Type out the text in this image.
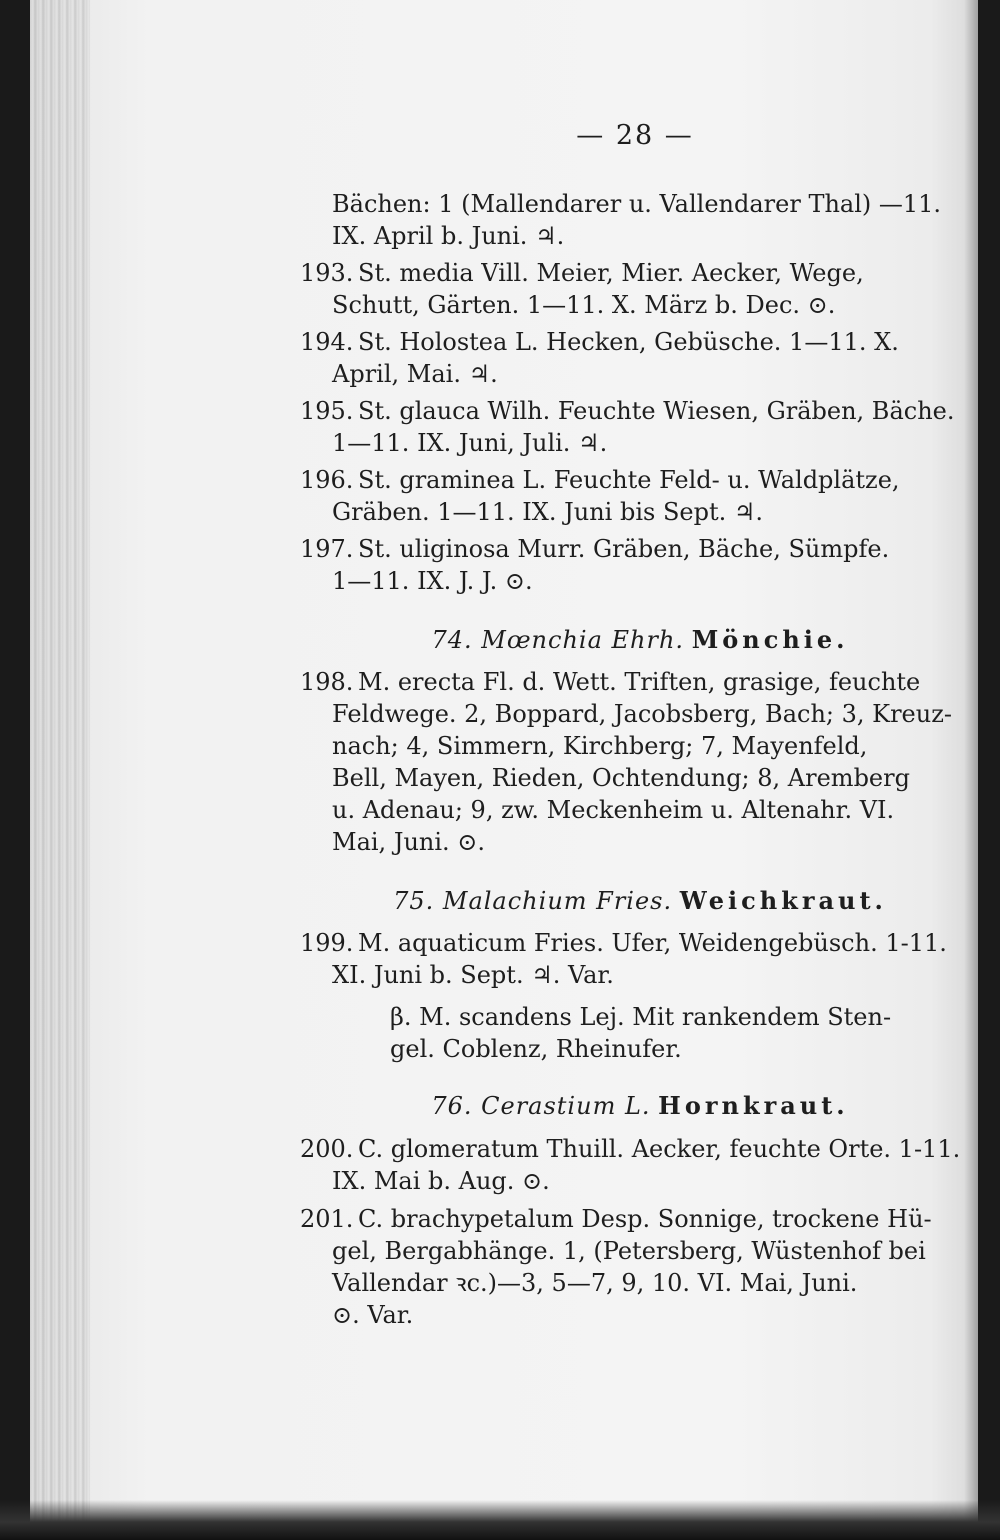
— 28 —
Bächen: 1 (Mallendarer u. Vallendarer Thal) —11.
IX. April b. Juni. ♃.
193. St. media Vill. Meier, Mier. Aecker, Wege,
Schutt, Gärten. 1—11. X. März b. Dec. ⊙.
194. St. Holostea L. Hecken, Gebüsche. 1—11. X.
April, Mai. ♃.
195. St. glauca Wilh. Feuchte Wiesen, Gräben, Bäche.
1—11. IX. Juni, Juli. ♃.
196. St. graminea L. Feuchte Feld- u. Waldplätze,
Gräben. 1—11. IX. Juni bis Sept. ♃.
197. St. uliginosa Murr. Gräben, Bäche, Sümpfe.
1—11. IX. J. J. ⊙.
198. M. erecta Fl. d. Wett. Triften, grasige, feuchte
Feldwege. 2, Boppard, Jacobsberg, Bach; 3, Kreuz-
nach; 4, Simmern, Kirchberg; 7, Mayenfeld,
Bell, Mayen, Rieden, Ochtendung; 8, Aremberg
u. Adenau; 9, zw. Meckenheim u. Altenahr. VI.
Mai, Juni. ⊙.
199. M. aquaticum Fries. Ufer, Weidengebüsch. 1-11.
XI. Juni b. Sept. ♃. Var.
β. M. scandens Lej. Mit rankendem Sten-
gel. Coblenz, Rheinufer.
200. C. glomeratum Thuill. Aecker, feuchte Orte. 1-11.
IX. Mai b. Aug. ⊙.
201. C. brachypetalum Desp. Sonnige, trockene Hü-
gel, Bergabhänge. 1, (Petersberg, Wüstenhof bei
Vallendar ꝛc.)—3, 5—7, 9, 10. VI. Mai, Juni.
⊙. Var.
74. Mœnchia Ehrh. Mönchie.
75. Malachium Fries. Weichkraut.
76. Cerastium L. Hornkraut.
